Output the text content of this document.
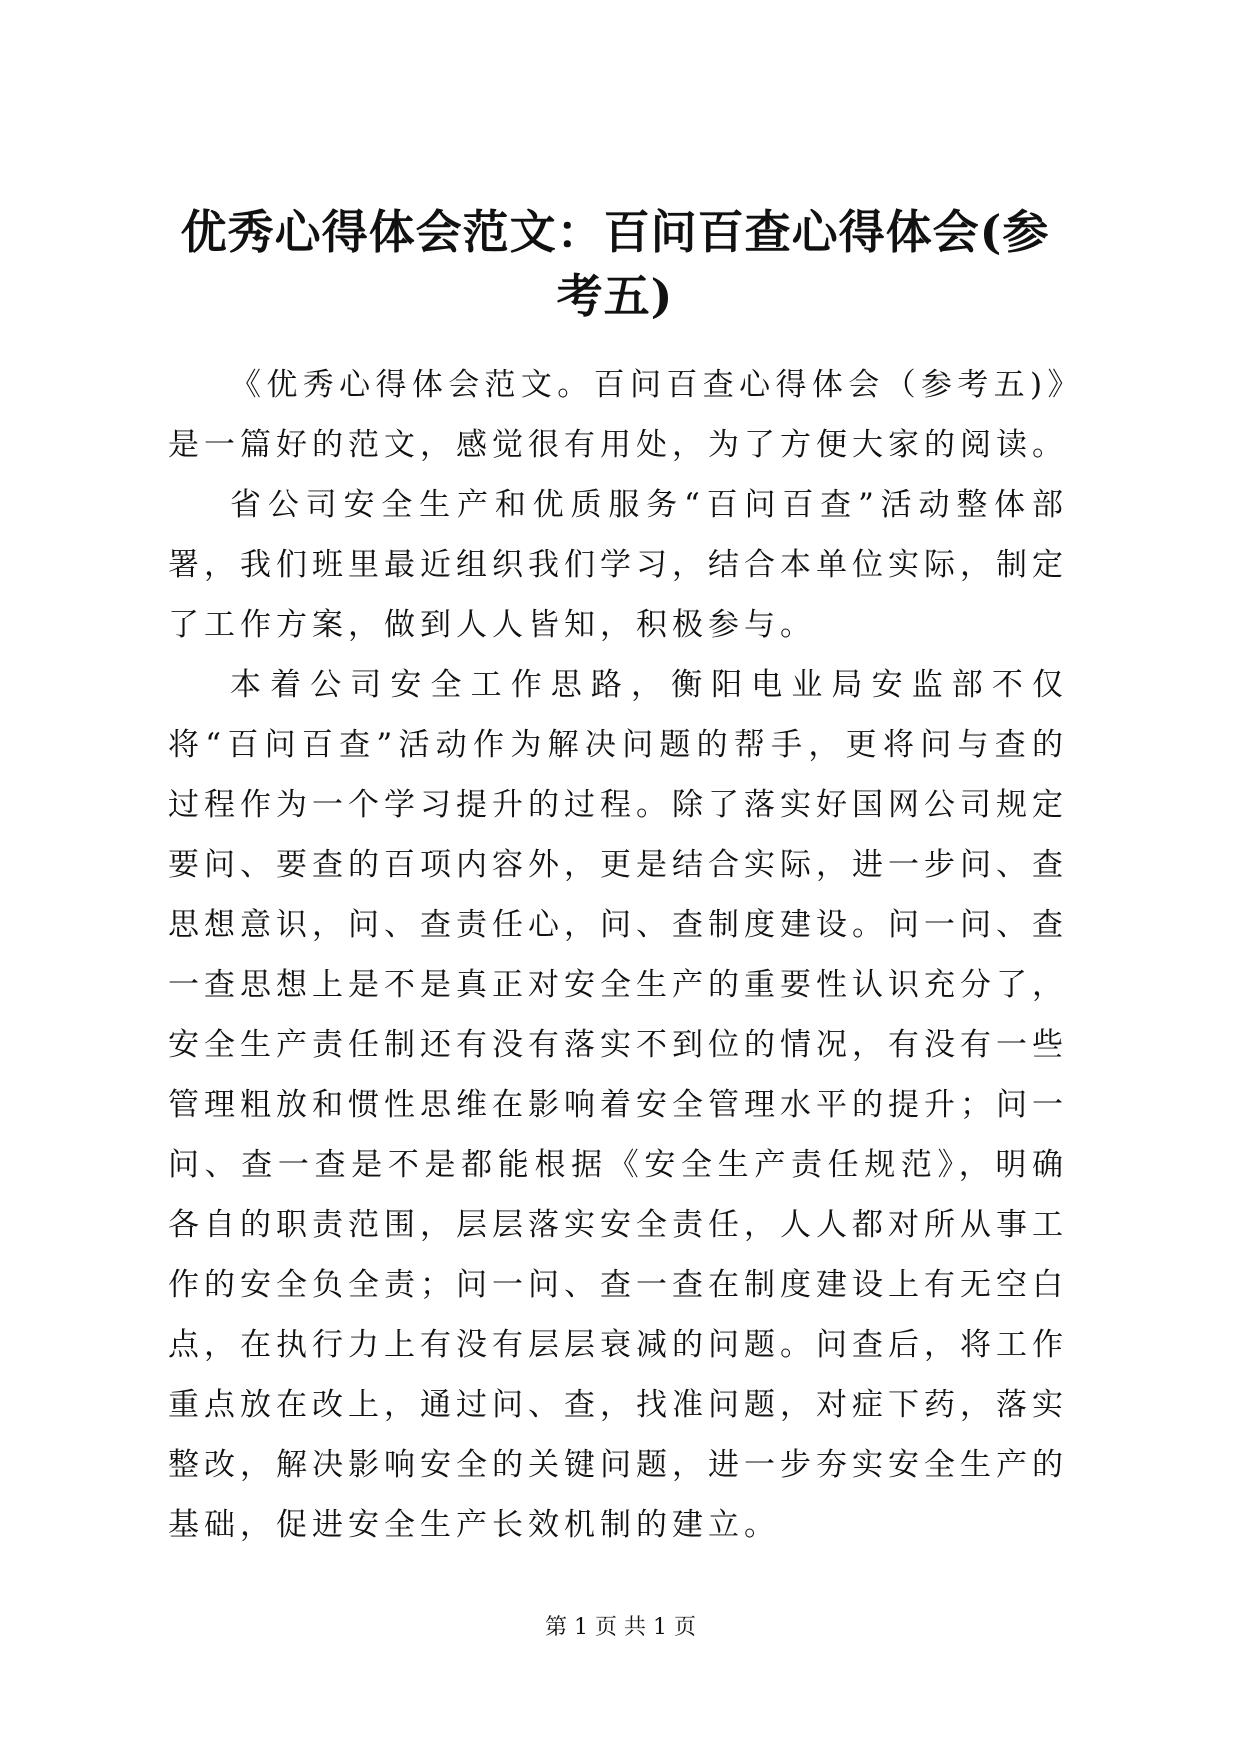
优秀心得体会范文：百问百查心得体会(参考五)

《优秀心得体会范文。百问百查心得体会（参考五)》是一篇好的范文，感觉很有用处，为了方便大家的阅读。

省公司安全生产和优质服务“百问百查”活动整体部署，我们班里最近组织我们学习，结合本单位实际，制定了工作方案，做到人人皆知，积极参与。

本着公司安全工作思路，衡阳电业局安监部不仅将“百问百查”活动作为解决问题的帮手，更将问与查的过程作为一个学习提升的过程。除了落实好国网公司规定要问、要查的百项内容外，更是结合实际，进一步问、查思想意识，问、查责任心，问、查制度建设。问一问、查一查思想上是不是真正对安全生产的重要性认识充分了，安全生产责任制还有没有落实不到位的情况，有没有一些管理粗放和惯性思维在影响着安全管理水平的提升；问一问、查一查是不是都能根据《安全生产责任规范》，明确各自的职责范围，层层落实安全责任，人人都对所从事工作的安全负全责；问一问、查一查在制度建设上有无空白点，在执行力上有没有层层衰减的问题。问查后，将工作重点放在改上，通过问、查，找准问题，对症下药，落实整改，解决影响安全的关键问题，进一步夯实安全生产的基础，促进安全生产长效机制的建立。

第 1 页 共 1 页
